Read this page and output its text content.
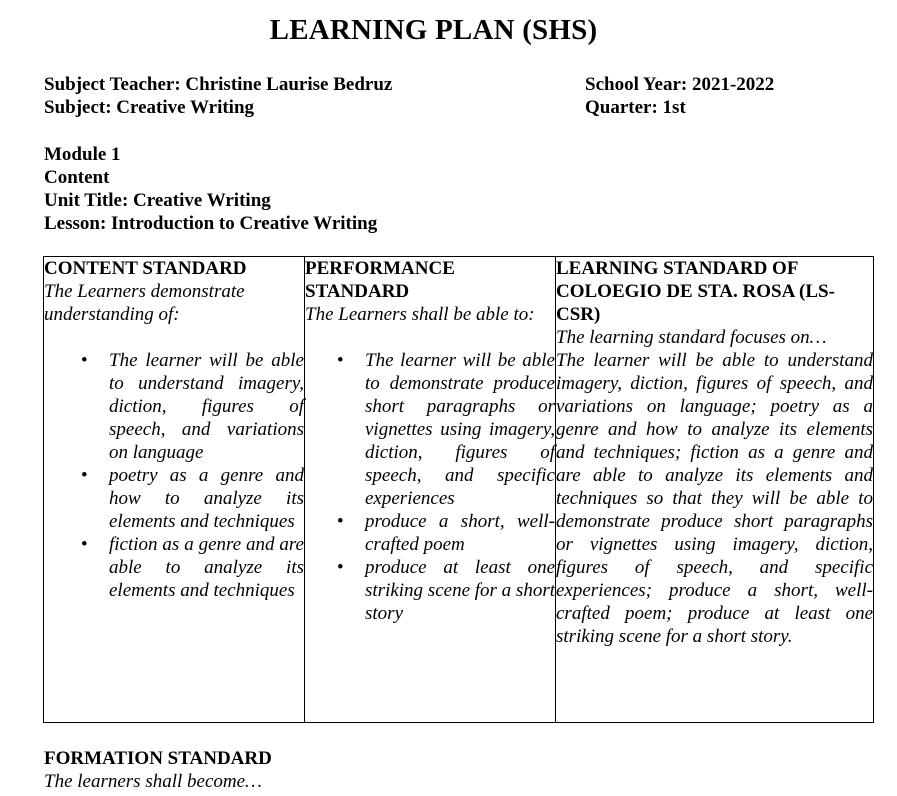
LEARNING PLAN (SHS)
Subject Teacher: Christine Laurise Bedruz
Subject: Creative Writing
School Year: 2021-2022
Quarter: 1st
Module 1
Content
Unit Title: Creative Writing
Lesson: Introduction to Creative Writing
CONTENT STANDARD
The Learners demonstrate understanding of:
• The learner will be able to understand imagery, diction, figures of speech, and variations on language
• poetry as a genre and how to analyze its elements and techniques
• fiction as a genre and are able to analyze its elements and techniques

PERFORMANCE STANDARD
The Learners shall be able to:
• The learner will be able to demonstrate produce short paragraphs or vignettes using imagery, diction, figures of speech, and specific experiences
• produce a short, well- crafted poem
• produce at least one striking scene for a short story

LEARNING STANDARD OF COLOEGIO DE STA. ROSA (LS-CSR)
The learning standard focuses on…
The learner will be able to understand imagery, diction, figures of speech, and variations on language; poetry as a genre and how to analyze its elements and techniques; fiction as a genre and are able to analyze its elements and techniques so that they will be able to demonstrate produce short paragraphs or vignettes using imagery, diction, figures of speech, and specific experiences; produce a short, well- crafted poem; produce at least one striking scene for a short story.
FORMATION STANDARD
The learners shall become…
